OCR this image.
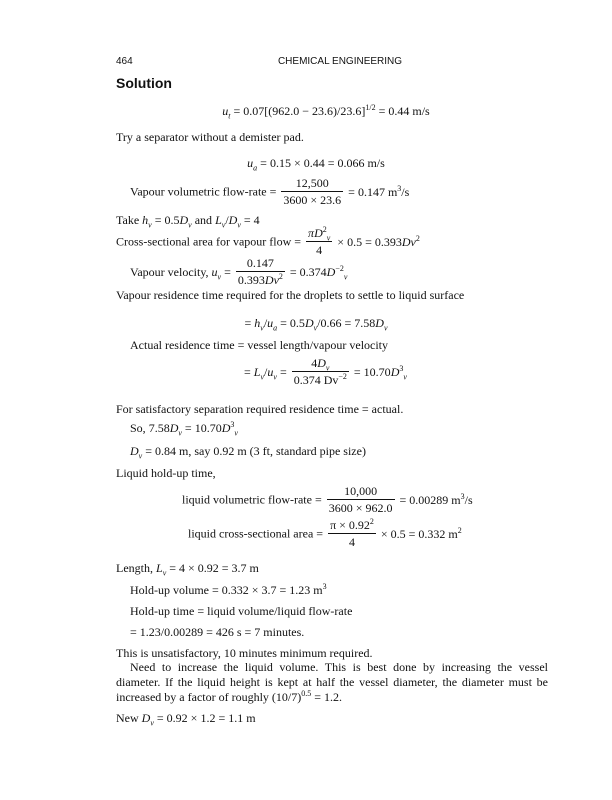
464	CHEMICAL ENGINEERING
Solution
$u_t = 0.07[(962.0 - 23.6)/23.6]^{1/2} = 0.44$ m/s
Try a separator without a demister pad.
$u_a = 0.15 \times 0.44 = 0.066$ m/s
Vapour volumetric flow-rate = $\frac{12,500}{3600 \times 23.6} = 0.147$ $m^3/s$
Take $h_v = 0.5D_v$ and $L_v/D_v = 4$
Cross-sectional area for vapour flow = $\frac{\pi D^2_v}{4} \times 0.5 = 0.393Dv^2$
Vapour velocity, $u_v = \frac{0.147}{0.393Dv^2} = 0.374D^{-2}_v$
Vapour residence time required for the droplets to settle to liquid surface
= $h_v/u_a = 0.5D_v/0.66 = 7.58D_v$
Actual residence time = vessel length/vapour velocity
= $L_v/u_v = \frac{4D_v}{0.374 Dv^{-2}} = 10.70D^3_v$
For satisfactory separation required residence time = actual.
So, $7.58D_v = 10.70D^3_v$
$D_v = 0.84$ m, say 0.92 m (3 ft, standard pipe size)
Liquid hold-up time,
liquid volumetric flow-rate = $\frac{10,000}{3600 \times 962.0} = 0.00289$ $m^3/s$
liquid cross-sectional area = $\frac{\pi \times 0.92^2}{4} \times 0.5 = 0.332$ $m^2$
Length, $L_v = 4 \times 0.92 = 3.7$ m
Hold-up volume = 0.332 × 3.7 = 1.23 $m^3$
Hold-up time = liquid volume/liquid flow-rate
= 1.23/0.00289 = 426 s = 7 minutes.
This is unsatisfactory, 10 minutes minimum required.
Need to increase the liquid volume. This is best done by increasing the vessel diameter. If the liquid height is kept at half the vessel diameter, the diameter must be increased by a factor of roughly $(10/7)^{0.5} = 1.2$.
New $D_v = 0.92 \times 1.2 = 1.1$ m
